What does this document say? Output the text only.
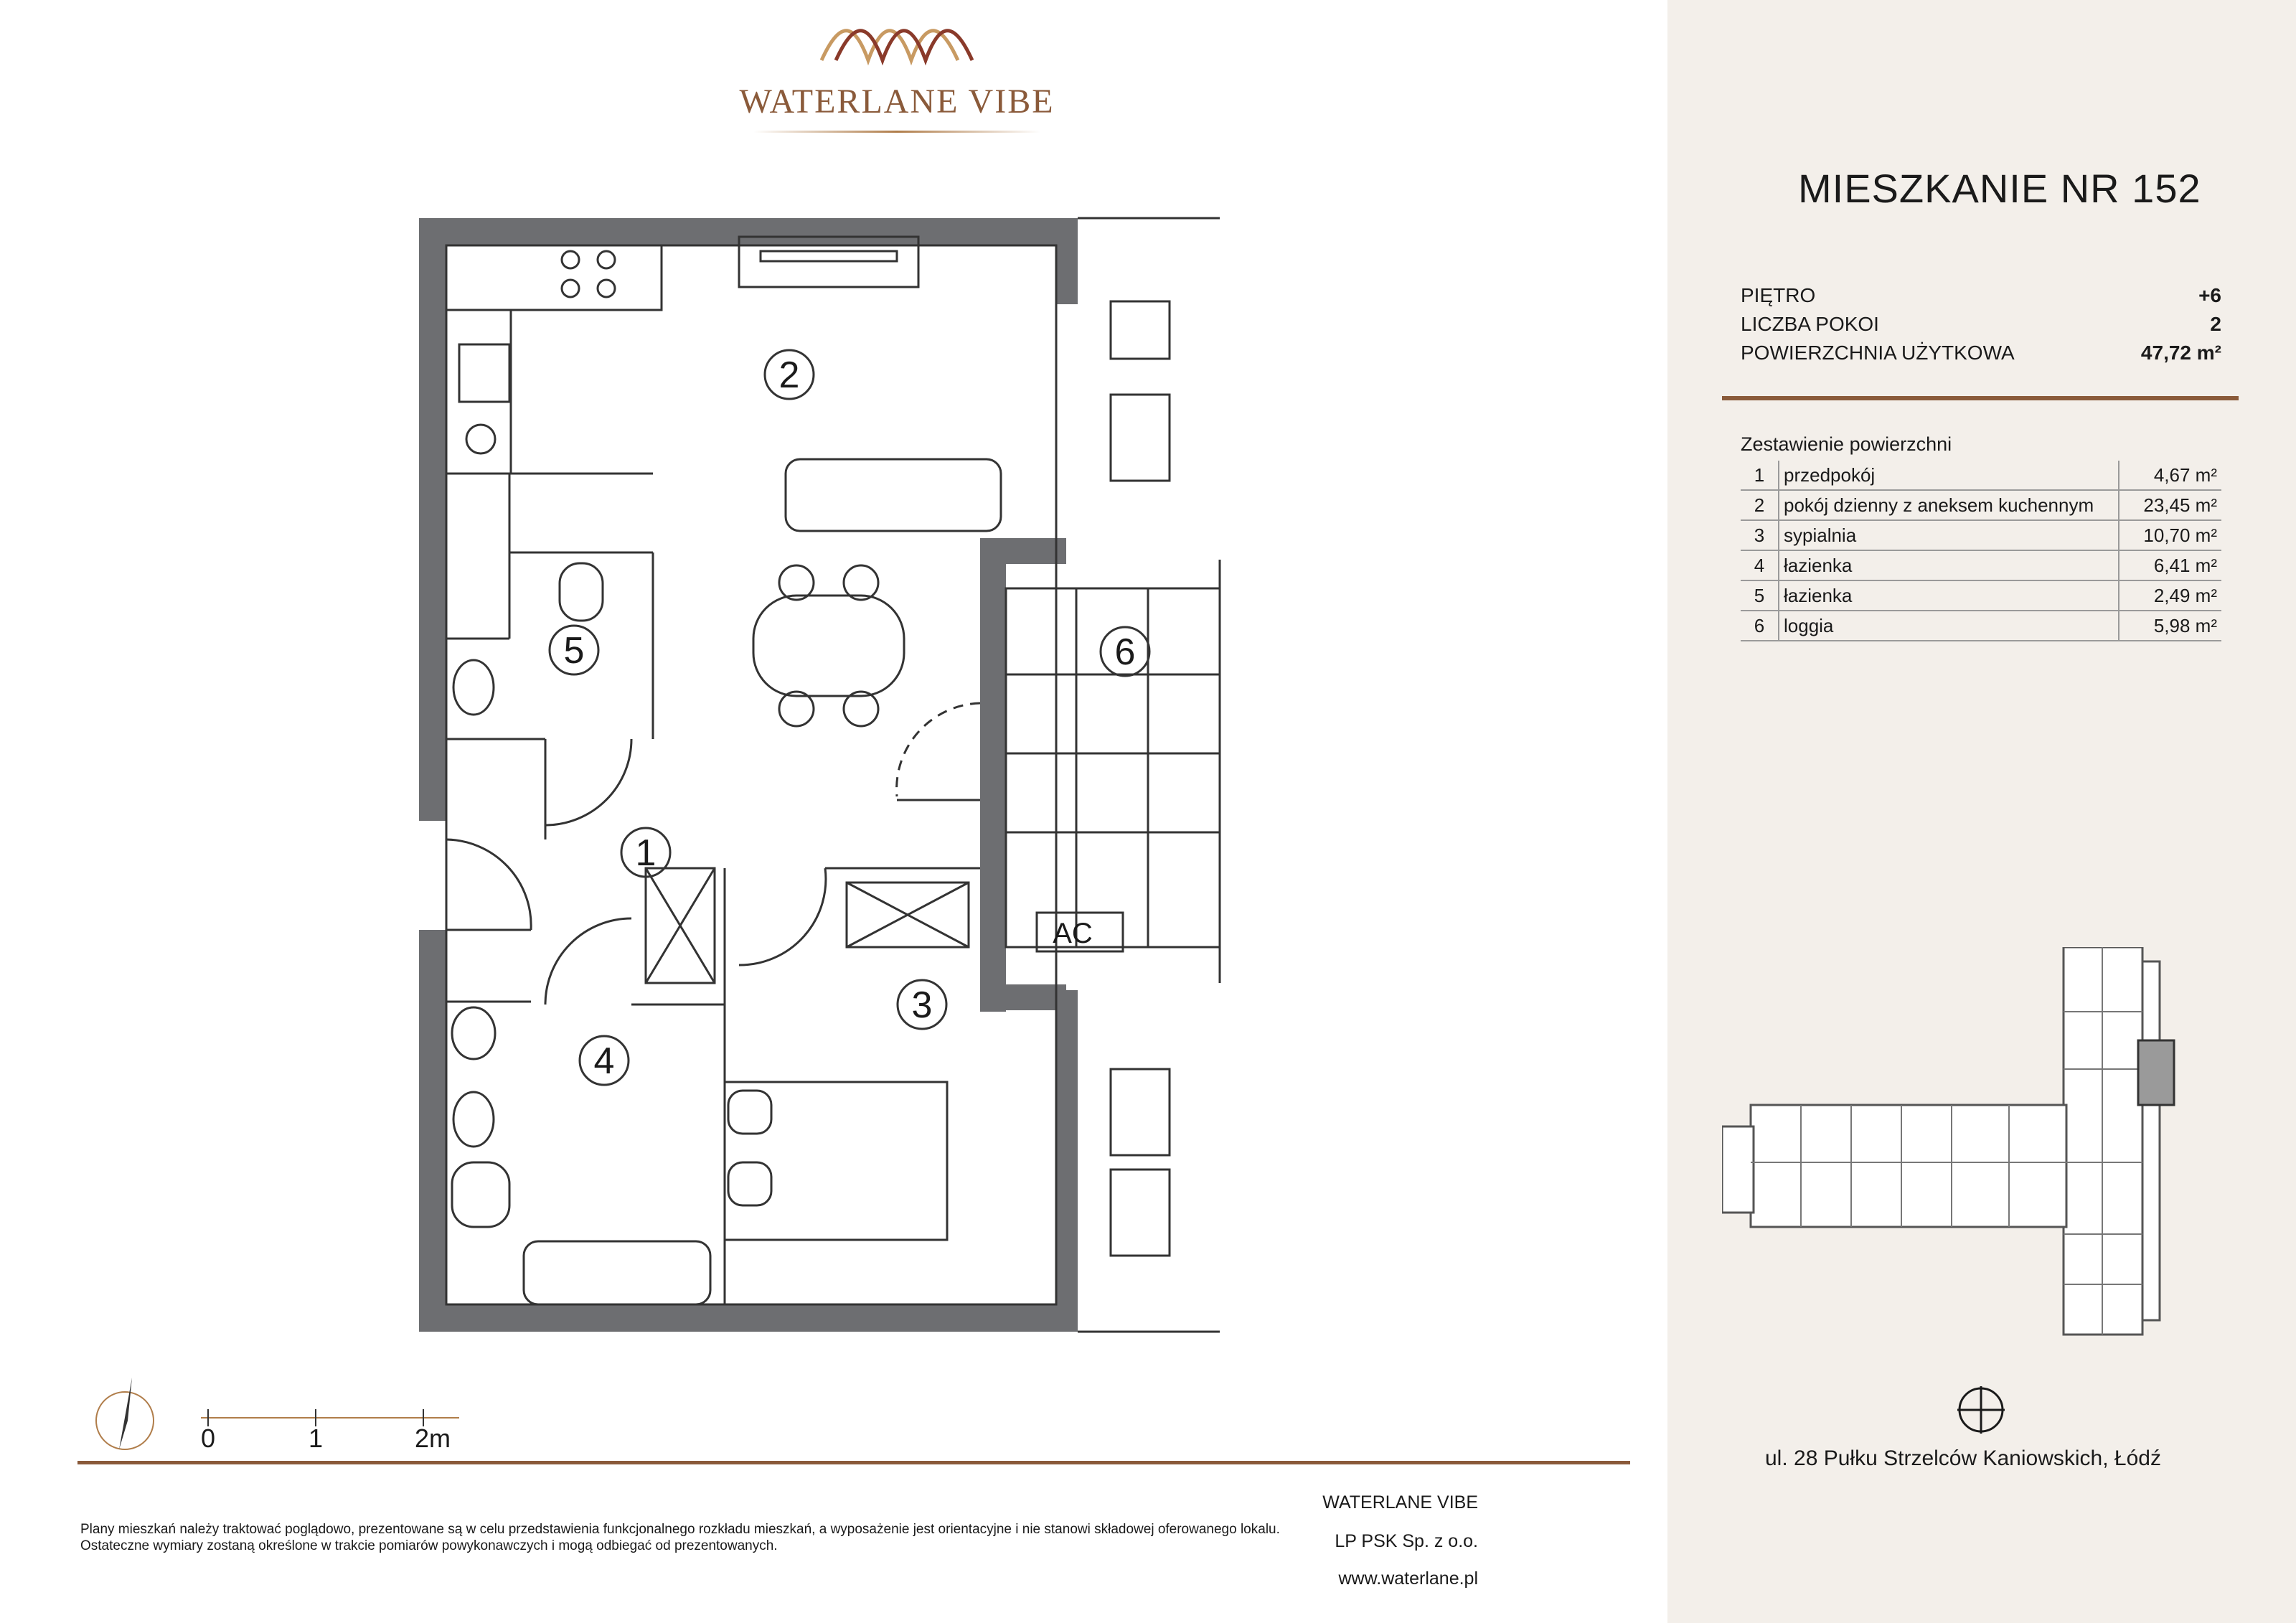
WATERLANE VIBE
2
5	6
1
3
4
AC
0	1	2m
MIESZKANIE NR 152
PIĘTRO	+6
LICZBA POKOI	2
POWIERZCHNIA UŻYTKOWA	47,72 m²
Zestawienie powierzchni
1	przedpokój	4,67 m²
2	pokój dzienny z aneksem kuchennym	23,45 m²
3	sypialnia	10,70 m²
4	łazienka	6,41 m²
5	łazienka	2,49 m²
6	loggia	5,98 m²
ul. 28 Pułku Strzelców Kaniowskich, Łódź
Plany mieszkań należy traktować poglądowo, prezentowane są w celu przedstawienia funkcjonalnego rozkładu mieszkań, a wyposażenie jest orientacyjne i nie stanowi składowej oferowanego lokalu.
Ostateczne wymiary zostaną określone w trakcie pomiarów powykonawczych i mogą odbiegać od prezentowanych.
WATERLANE VIBE
LP PSK Sp. z o.o.
www.waterlane.pl
